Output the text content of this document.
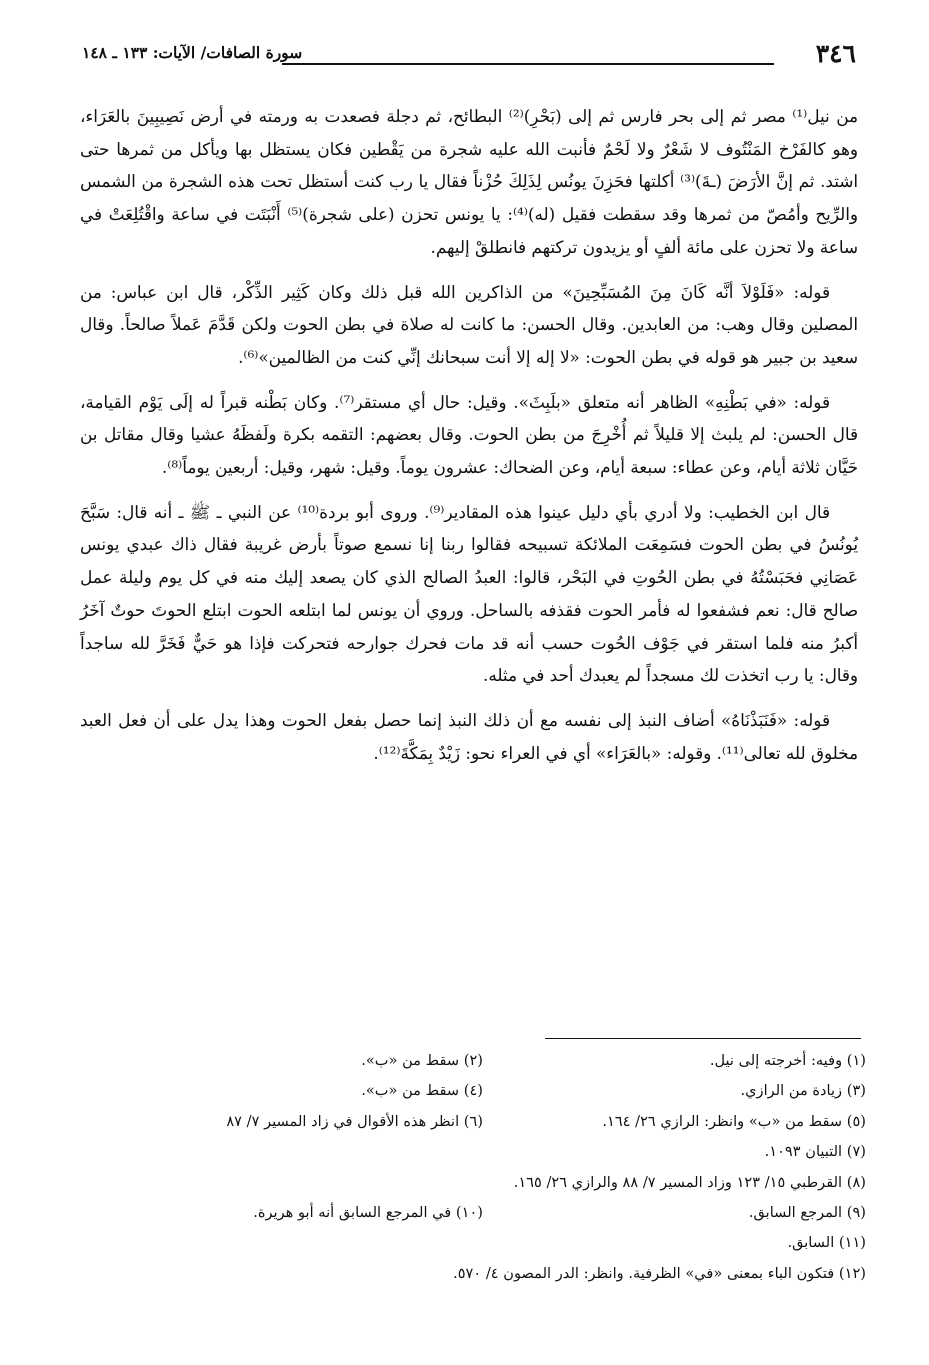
سورة الصافات/ الآيات: ١٣٣ ـ ١٤٨	٣٤٦

من نيل⁽¹⁾ مصر ثم إلى بحر فارس ثم إلى (بَحْرِ)⁽²⁾ البطائح، ثم دجلة فصعدت به ورمته في أرض نَصِيبِينَ بالعَرَاء، وهو كالفَرْخ المَنْتُوف لا شَعْرٌ ولا لَحْمٌ فأنبت الله عليه شجرة من يَقْطين فكان يستظل بها ويأكل من ثمرها حتى اشتد. ثم إنَّ الأرَضَ (ـةَ)⁽³⁾ أكلتها فحَزِنَ يونُس لِذَلِكَ حُزْناً فقال يا رب كنت أستظل تحت هذه الشجرة من الشمس والرِّيح وأمُصّ من ثمرها وقد سقطت فقيل (له)⁽⁴⁾: يا يونس تحزن (على شجرة)⁽⁵⁾ أَنْبَتَت في ساعة واقْتُلِعَتْ في ساعة ولا تحزن على مائة ألفٍ أو يزيدون تركتهم فانطلقْ إليهم.

قوله: «فَلَوْلاَ أنَّه كَانَ مِنَ المُسَبِّحِينَ» من الذاكرين الله قبل ذلك وكان كَثِير الذِّكْر، قال ابن عباس: من المصلين وقال وهب: من العابدين. وقال الحسن: ما كانت له صلاة في بطن الحوت ولكن قَدَّمَ عَملاً صالحاً. وقال سعيد بن جبير هو قوله في بطن الحوت: «لا إله إلا أنت سبحانك إنِّي كنت من الظالمين»⁽⁶⁾.

قوله: «في بَطْنِهِ» الظاهر أنه متعلق «بلَبِثَ». وقيل: حال أي مستقر⁽⁷⁾. وكان بَطْنه قبراً له إلَى يَوْم القيامة، قال الحسن: لم يلبث إلا قليلاً ثم أُخْرِجَ من بطن الحوت. وقال بعضهم: التقمه بكرة ولَفظَهُ عشيا وقال مقاتل بن حَيَّان ثلاثة أيام، وعن عطاء: سبعة أيام، وعن الضحاك: عشرون يوماً. وقيل: شهر، وقيل: أربعين يوماً⁽⁸⁾.

قال ابن الخطيب: ولا أدري بأي دليل عينوا هذه المقادير⁽⁹⁾. وروى أبو بردة⁽¹⁰⁾ عن النبي ـ ﷺ ـ أنه قال: سَبَّحَ يُونُسُ في بطن الحوت فسَمِعَت الملائكة تسبيحه فقالوا ربنا إنا نسمع صوتاً بأرض غريبة فقال ذاك عبدي يونس عَصَانِي فحَبَسْتُهُ في بطن الحُوتِ في البَحْر، قالوا: العبدُ الصالح الذي كان يصعد إليك منه في كل يوم وليلة عمل صالح قال: نعم فشفعوا له فأمر الحوت فقذفه بالساحل. وروي أن يونس لما ابتلعه الحوت ابتلع الحوتَ حوتٌ آخَرُ أكبرُ منه فلما استقر في جَوْف الحُوت حسب أنه قد مات فحرك جوارحه فتحركت فإذا هو حَيٌّ فَخَرَّ لله ساجداً وقال: يا رب اتخذت لك مسجداً لم يعبدك أحد في مثله.

قوله: «فَنَبَذْنَاهُ» أضاف النبذ إلى نفسه مع أن ذلك النبذ إنما حصل بفعل الحوت وهذا يدل على أن فعل العبد مخلوق لله تعالى⁽¹¹⁾. وقوله: «بالعَرَاء» أي في العراء نحو: زَيْدٌ بِمَكَّةَ⁽¹²⁾.

(١) وفيه: أخرجته إلى نيل.
(٢) سقط من «ب».
(٣) زيادة من الرازي.
(٤) سقط من «ب».
(٥) سقط من «ب» وانظر: الرازي ٢٦/ ١٦٤.
(٦) انظر هذه الأقوال في زاد المسير ٧/ ٨٧
(٧) التبيان ١٠٩٣.
(٨) القرطبي ١٥/ ١٢٣ وزاد المسير ٧/ ٨٨ والرازي ٢٦/ ١٦٥.
(٩) المرجع السابق.
(١٠) في المرجع السابق أنه أبو هريرة.
(١١) السابق.
(١٢) فتكون الباء بمعنى «في» الظرفية. وانظر: الدر المصون ٤/ ٥٧٠.
